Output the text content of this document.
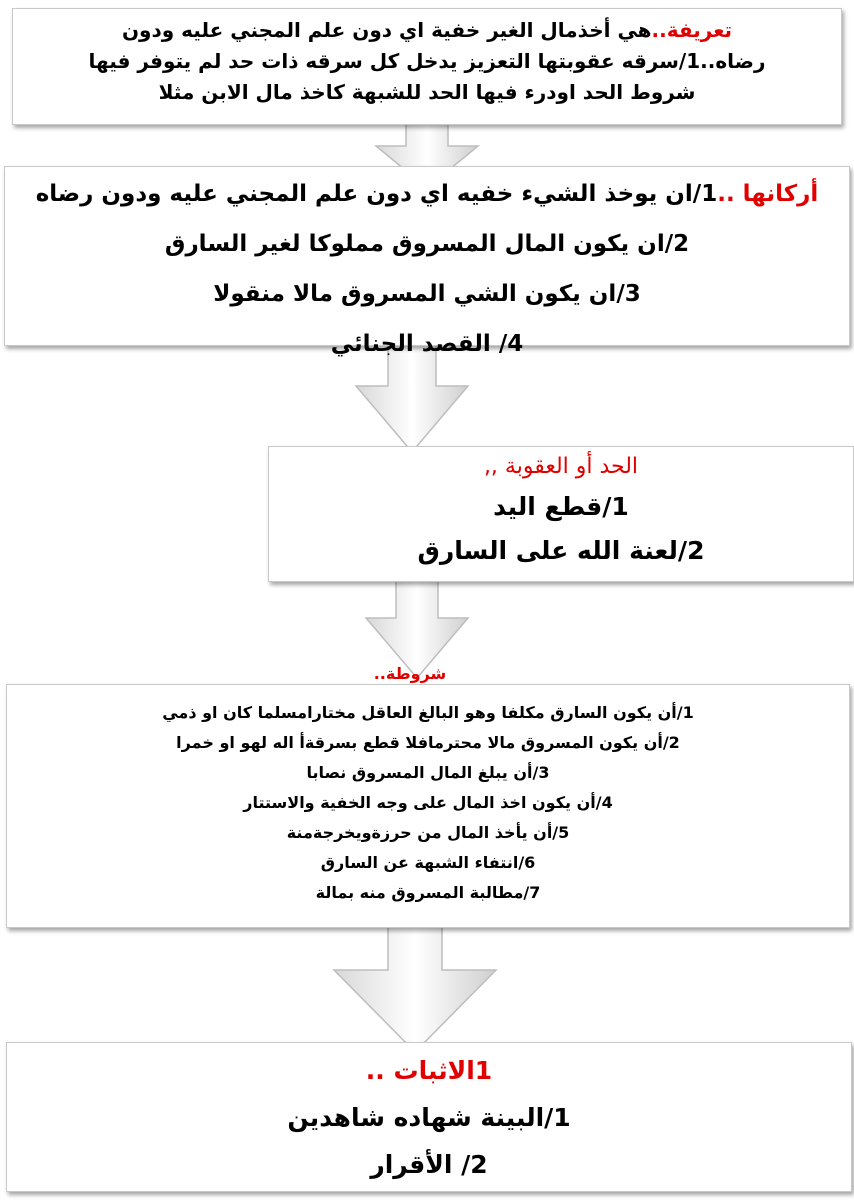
تعريفة..هي أخذمال الغير خفية اي دون علم المجني عليه ودون
رضاه..1/سرقه عقوبتها التعزيز يدخل كل سرقه ذات حد لم يتوفر فيها
شروط الحد اودرء فيها الحد للشبهة كاخذ مال الابن مثلا
أركانها ..1/ان يوخذ الشيء خفيه اي دون علم المجني عليه ودون رضاه
2/ان يكون المال المسروق مملوكا لغير السارق
3/ان يكون الشي المسروق مالا منقولا
4/ القصد الجنائي
الحد أو العقوبة ,,
1/قطع اليد
2/لعنة الله على السارق
شروطة..
1/أن يكون السارق مكلفا وهو البالغ العاقل مختارامسلما كان او ذمي
2/أن يكون المسروق مالا محترمافلا قطع بسرقةأ اله لهو او خمرا
3/أن يبلغ المال المسروق نصابا
4/أن يكون اخذ المال على وجه الخفية والاستتار
5/أن يأخذ المال من حرزةويخرجةمنة
6/انتفاء الشبهة عن السارق
7/مطالبة المسروق منه بمالة
1الاثبات ..
1/البينة شهاده شاهدين
2/ الأقرار
